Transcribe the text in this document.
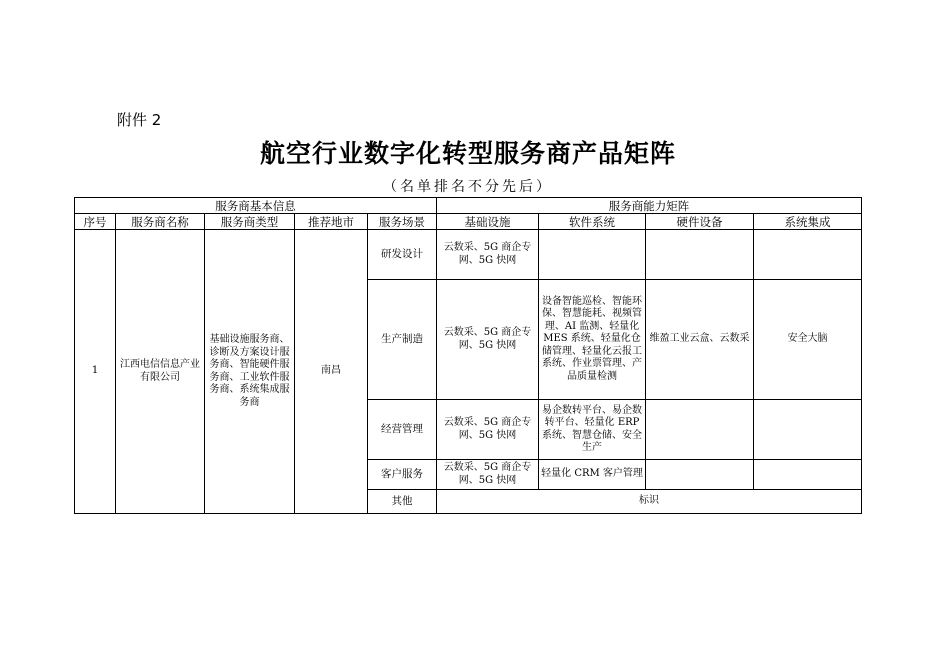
附件 2
航空行业数字化转型服务商产品矩阵
（名单排名不分先后）
服务商基本信息					服务商能力矩阵			
序号	服务商名称	服务商类型	推荐地市	服务场景	基础设施	软件系统	硬件设备	系统集成
1	江西电信信息产业有限公司	基础设施服务商、诊断及方案设计服务商、智能硬件服务商、工业软件服务商、系统集成服务商	南昌	研发设计	云数采、5G 商企专网、5G 快网			
				生产制造	云数采、5G 商企专网、5G 快网	设备智能巡检、智能环保、智慧能耗、视频管理、AI 监测、轻量化 MES 系统、轻量化仓储管理、轻量化云报工系统、作业票管理、产品质量检测	维盈工业云盒、云数采	安全大脑
				经营管理	云数采、5G 商企专网、5G 快网	易企数转平台、易企数转平台、轻量化 ERP 系统、智慧仓储、安全生产		
				客户服务	云数采、5G 商企专网、5G 快网	轻量化 CRM 客户管理		
				其他	标识			
